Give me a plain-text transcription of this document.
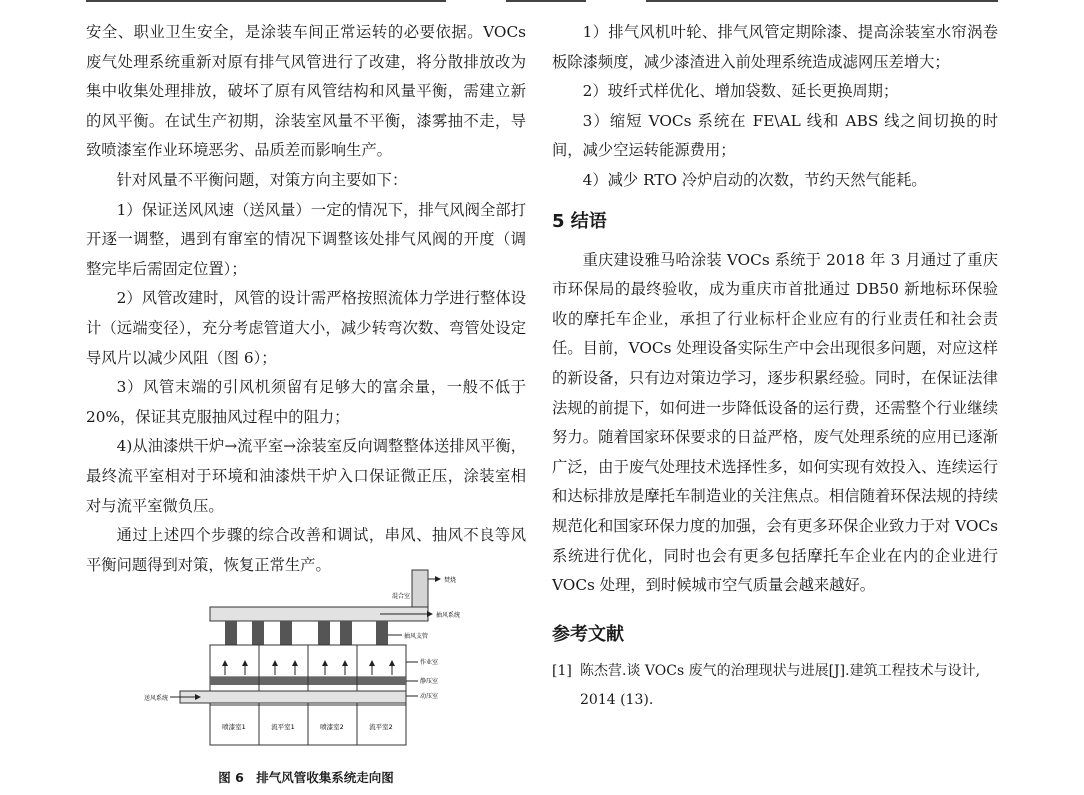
安全、职业卫生安全，是涂装车间正常运转的必要依据。VOCs废气处理系统重新对原有排气风管进行了改建，将分散排放改为集中收集处理排放，破坏了原有风管结构和风量平衡，需建立新的风平衡。在试生产初期，涂装室风量不平衡，漆雾抽不走，导致喷漆室作业环境恶劣、品质差而影响生产。

针对风量不平衡问题，对策方向主要如下：

1）保证送风风速（送风量）一定的情况下，排气风阀全部打开逐一调整，遇到有窜室的情况下调整该处排气风阀的开度（调整完毕后需固定位置）；

2）风管改建时，风管的设计需严格按照流体力学进行整体设计（远端变径），充分考虑管道大小，减少转弯次数、弯管处设定导风片以减少风阻（图 6）；

3）风管末端的引风机须留有足够大的富余量，一般不低于 20%，保证其克服抽风过程中的阻力；

4)从油漆烘干炉→流平室→涂装室反向调整整体送排风平衡，最终流平室相对于环境和油漆烘干炉入口保证微正压，涂装室相对与流平室微负压。

通过上述四个步骤的综合改善和调试，串风、抽风不良等风平衡问题得到对策，恢复正常生产。

焚烧
混合室
抽风系统
抽风支管
送风系统
作业室
静压室
动压室
喷漆室1	流平室1	喷漆室2	流平室2
图 6　排气风管收集系统走向图

1）排气风机叶轮、排气风管定期除漆、提高涂装室水帘涡卷板除漆频度，减少漆渣进入前处理系统造成滤网压差增大；

2）玻纤式样优化、增加袋数、延长更换周期；

3）缩短 VOCs 系统在 FE\AL 线和 ABS 线之间切换的时间，减少空运转能源费用；

4）减少 RTO 冷炉启动的次数，节约天然气能耗。

5 结语

重庆建设雅马哈涂装 VOCs 系统于 2018 年 3 月通过了重庆市环保局的最终验收，成为重庆市首批通过 DB50 新地标环保验收的摩托车企业，承担了行业标杆企业应有的行业责任和社会责任。目前，VOCs 处理设备实际生产中会出现很多问题，对应这样的新设备，只有边对策边学习，逐步积累经验。同时，在保证法律法规的前提下，如何进一步降低设备的运行费，还需整个行业继续努力。随着国家环保要求的日益严格，废气处理系统的应用已逐渐广泛，由于废气处理技术选择性多，如何实现有效投入、连续运行和达标排放是摩托车制造业的关注焦点。相信随着环保法规的持续规范化和国家环保力度的加强，会有更多环保企业致力于对 VOCs 系统进行优化，同时也会有更多包括摩托车企业在内的企业进行 VOCs 处理，到时候城市空气质量会越来越好。

参考文献
[1] 陈杰营.谈 VOCs 废气的治理现状与进展[J].建筑工程技术与设计, 2014 (13).
